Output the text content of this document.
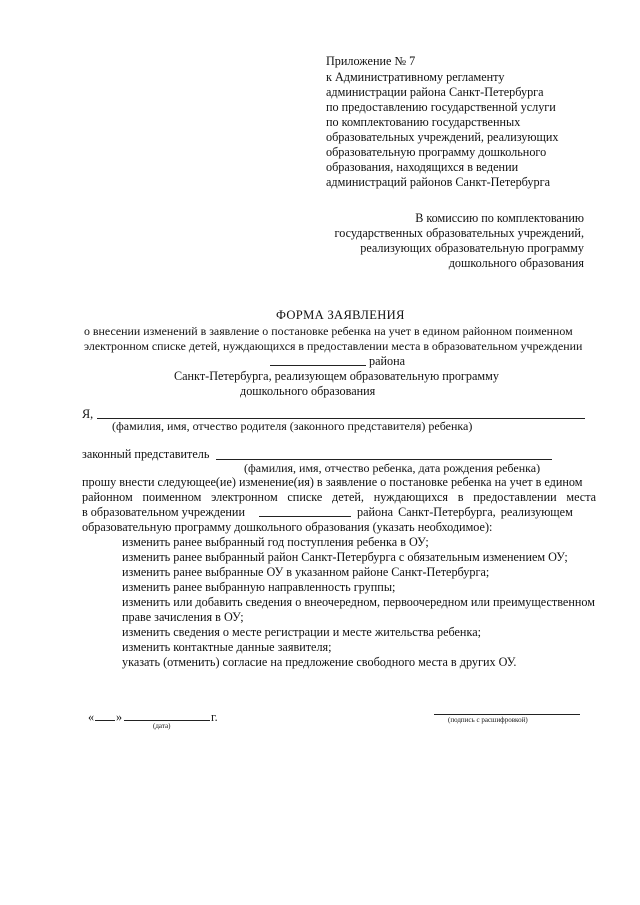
Приложение № 7
к Административному регламенту
администрации района Санкт-Петербурга
по предоставлению государственной услуги
по комплектованию государственных
образовательных учреждений, реализующих
образовательную программу дошкольного
образования, находящихся в ведении
администраций районов Санкт-Петербурга
В комиссию по комплектованию
государственных образовательных учреждений,
реализующих образовательную программу
дошкольного образования
ФОРМА ЗАЯВЛЕНИЯ
о внесении изменений в заявление о постановке ребенка на учет в едином районном поименном
электронном списке детей, нуждающихся в предоставлении места в образовательном учреждении
района
Санкт-Петербурга, реализующем образовательную программу
дошкольного образования
Я,
(фамилия, имя, отчество родителя (законного представителя) ребенка)
законный представитель
(фамилия, имя, отчество ребенка, дата рождения ребенка)
прошу внести следующее(ие) изменение(ия) в заявление о постановке ребенка на учет в едином
районном поименном электронном списке детей, нуждающихся в предоставлении места
в образовательном учреждении	района Санкт-Петербурга, реализующем
образовательную программу дошкольного образования (указать необходимое):
изменить ранее выбранный год поступления ребенка в ОУ;
изменить ранее выбранный район Санкт-Петербурга с обязательным изменением ОУ;
изменить ранее выбранные ОУ в указанном районе Санкт-Петербурга;
изменить ранее выбранную направленность группы;
изменить или добавить сведения о внеочередном, первоочередном или преимущественном
праве зачисления в ОУ;
изменить сведения о месте регистрации и месте жительства ребенка;
изменить контактные данные заявителя;
указать (отменить) согласие на предложение свободного места в других ОУ.
« »	г.
(дата)
(подпись с расшифровкой)
